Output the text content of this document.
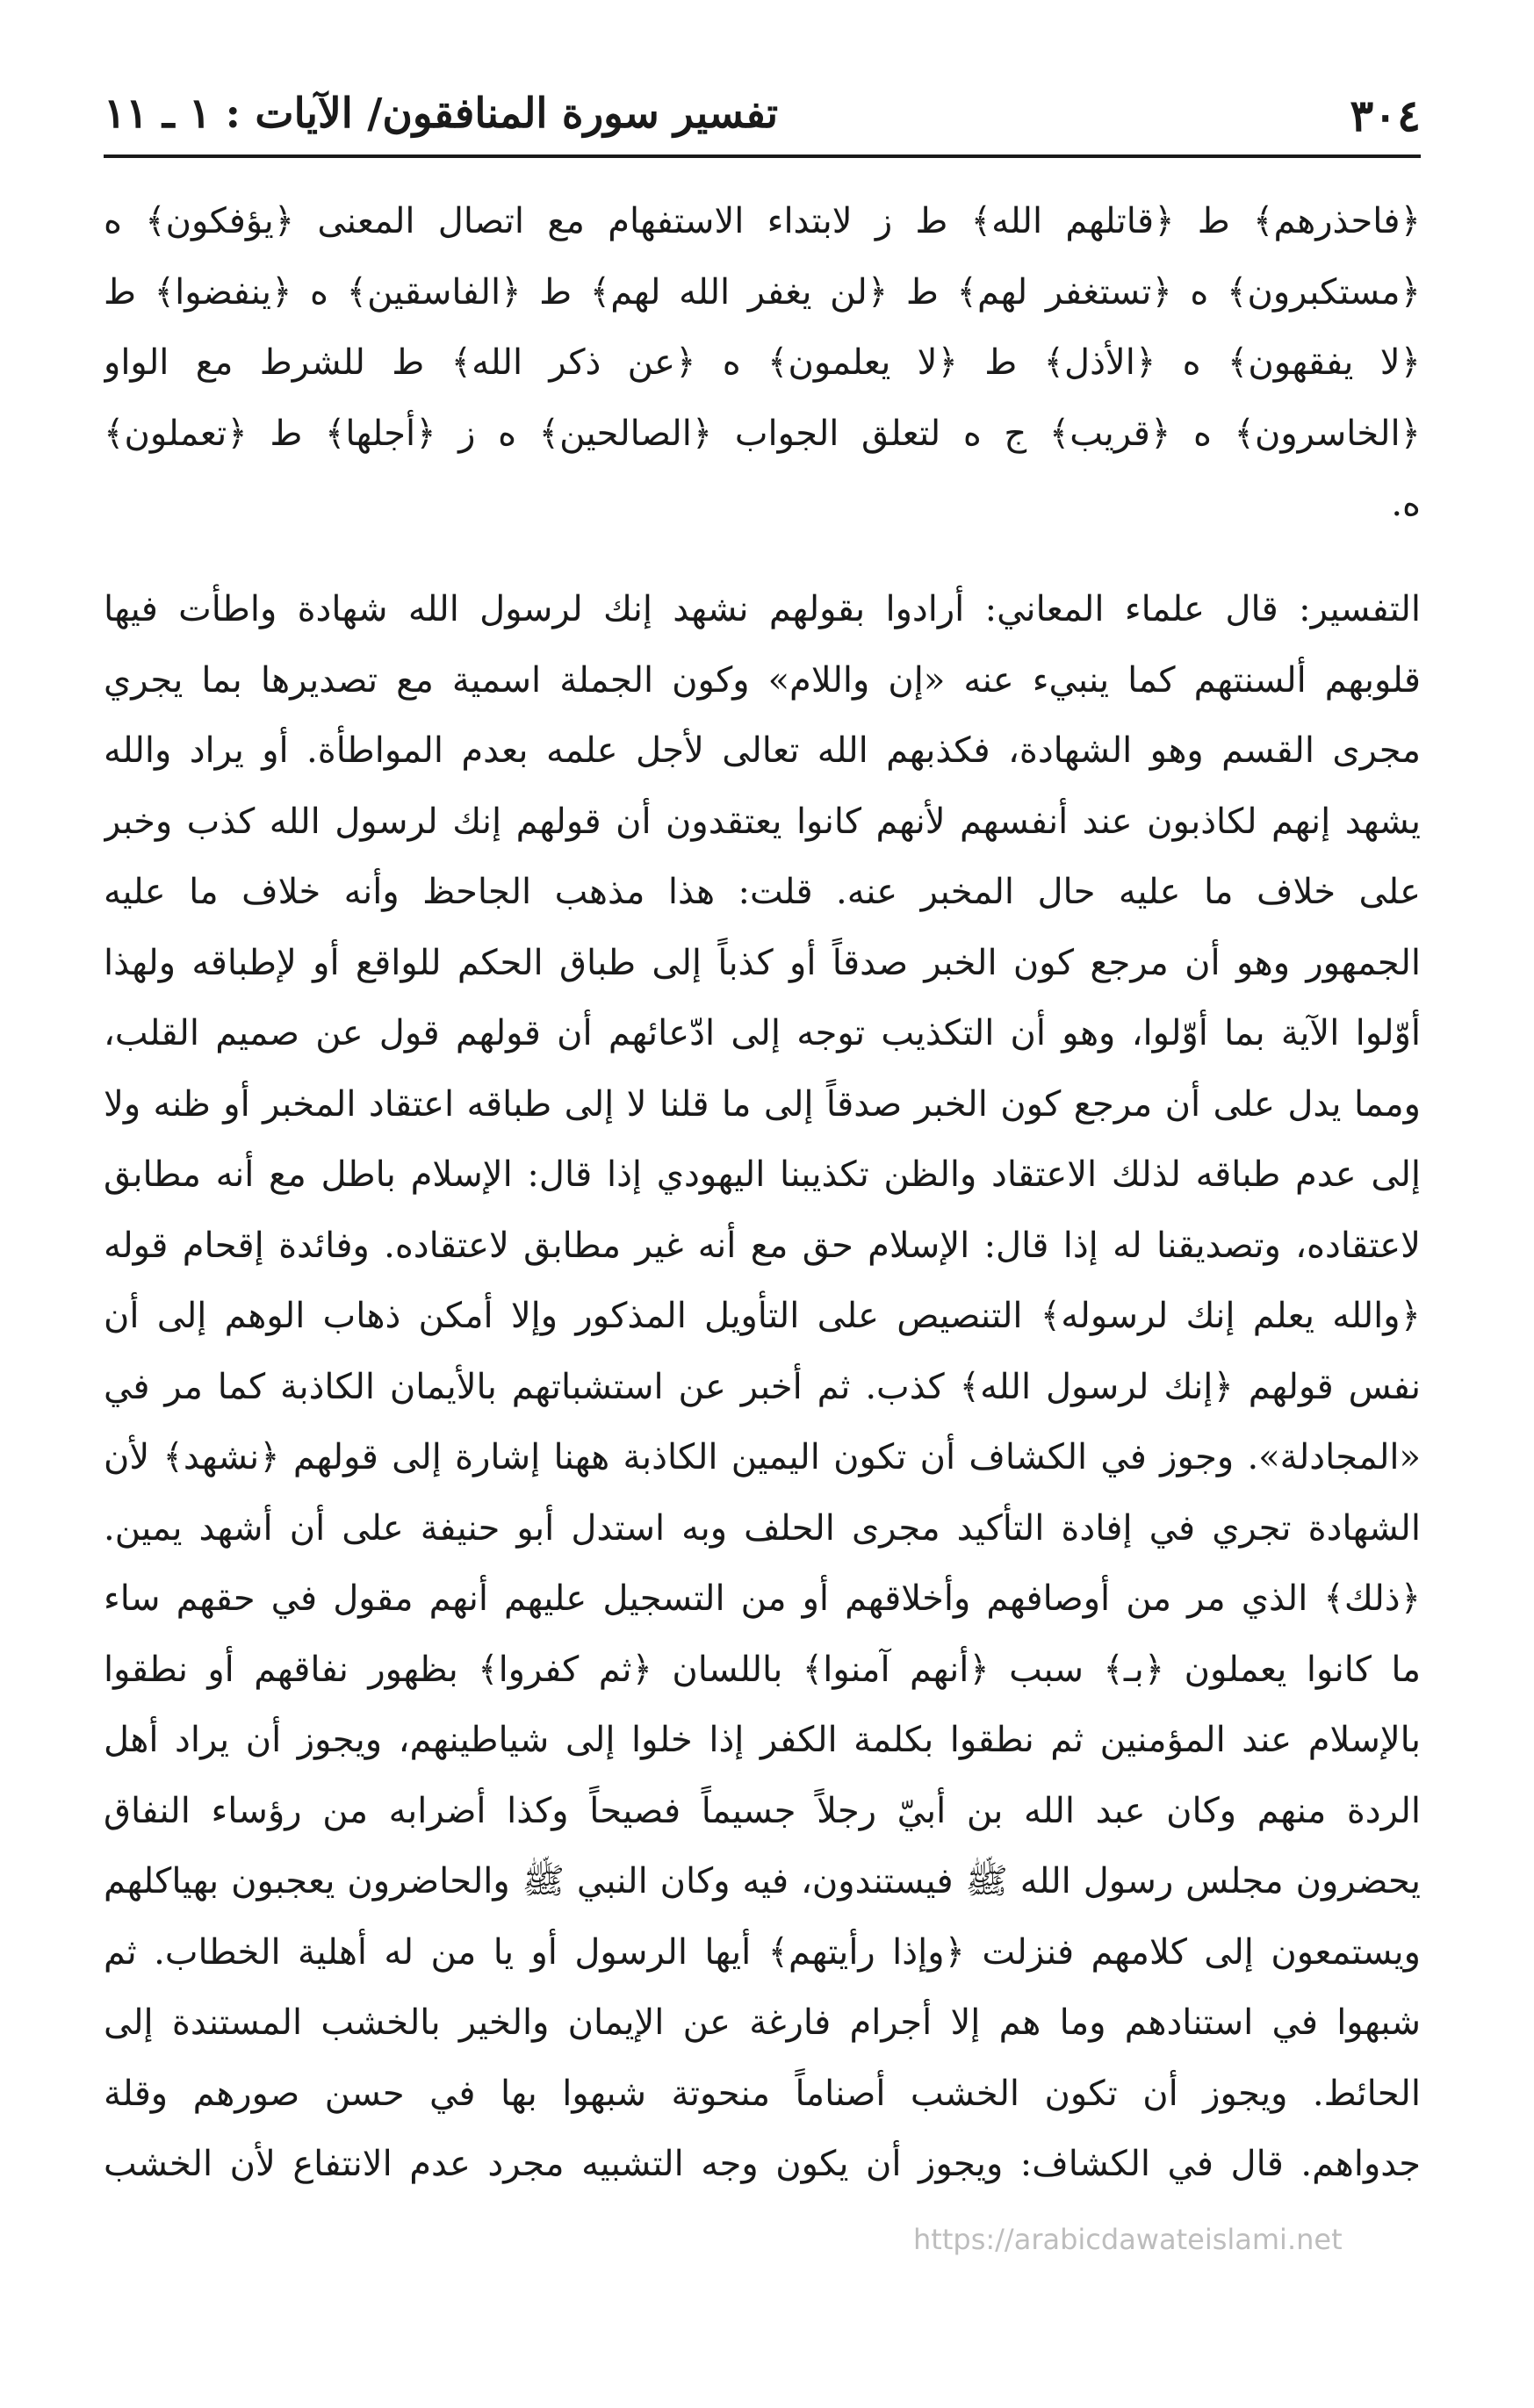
٣٠٤
تفسير سورة المنافقون/ الآيات : ١ ـ ١١
﴿فاحذرهم﴾ ط ﴿قاتلهم الله﴾ ط ز لابتداء الاستفهام مع اتصال المعنى ﴿يؤفكون﴾ ه
﴿مستكبرون﴾ ه ﴿تستغفر لهم﴾ ط ﴿لن يغفر الله لهم﴾ ط ﴿الفاسقين﴾ ه ﴿ينفضوا﴾ ط
﴿لا يفقهون﴾ ه ﴿الأذل﴾ ط ﴿لا يعلمون﴾ ه ﴿عن ذكر الله﴾ ط للشرط مع الواو
﴿الخاسرون﴾ ه ﴿قريب﴾ ج ه لتعلق الجواب ﴿الصالحين﴾ ه ز ﴿أجلها﴾ ط ﴿تعملون﴾
ه.
التفسير: قال علماء المعاني: أرادوا بقولهم نشهد إنك لرسول الله شهادة واطأت فيها
قلوبهم ألسنتهم كما ينبيء عنه «إن واللام» وكون الجملة اسمية مع تصديرها بما يجري
مجرى القسم وهو الشهادة، فكذبهم الله تعالى لأجل علمه بعدم المواطأة. أو يراد والله
يشهد إنهم لكاذبون عند أنفسهم لأنهم كانوا يعتقدون أن قولهم إنك لرسول الله كذب وخبر
على خلاف ما عليه حال المخبر عنه. قلت: هذا مذهب الجاحظ وأنه خلاف ما عليه
الجمهور وهو أن مرجع كون الخبر صدقاً أو كذباً إلى طباق الحكم للواقع أو لإطباقه ولهذا
أوّلوا الآية بما أوّلوا، وهو أن التكذيب توجه إلى ادّعائهم أن قولهم قول عن صميم القلب،
ومما يدل على أن مرجع كون الخبر صدقاً إلى ما قلنا لا إلى طباقه اعتقاد المخبر أو ظنه ولا
إلى عدم طباقه لذلك الاعتقاد والظن تكذيبنا اليهودي إذا قال: الإسلام باطل مع أنه مطابق
لاعتقاده، وتصديقنا له إذا قال: الإسلام حق مع أنه غير مطابق لاعتقاده. وفائدة إقحام قوله
﴿والله يعلم إنك لرسوله﴾ التنصيص على التأويل المذكور وإلا أمكن ذهاب الوهم إلى أن
نفس قولهم ﴿إنك لرسول الله﴾ كذب. ثم أخبر عن استشباتهم بالأيمان الكاذبة كما مر في
«المجادلة». وجوز في الكشاف أن تكون اليمين الكاذبة ههنا إشارة إلى قولهم ﴿نشهد﴾ لأن
الشهادة تجري في إفادة التأكيد مجرى الحلف وبه استدل أبو حنيفة على أن أشهد يمين.
﴿ذلك﴾ الذي مر من أوصافهم وأخلاقهم أو من التسجيل عليهم أنهم مقول في حقهم ساء
ما كانوا يعملون ﴿بـ﴾ سبب ﴿أنهم آمنوا﴾ باللسان ﴿ثم كفروا﴾ بظهور نفاقهم أو نطقوا
بالإسلام عند المؤمنين ثم نطقوا بكلمة الكفر إذا خلوا إلى شياطينهم، ويجوز أن يراد أهل
الردة منهم وكان عبد الله بن أبيّ رجلاً جسيماً فصيحاً وكذا أضرابه من رؤساء النفاق
يحضرون مجلس رسول الله ﷺ فيستندون، فيه وكان النبي ﷺ والحاضرون يعجبون بهياكلهم
ويستمعون إلى كلامهم فنزلت ﴿وإذا رأيتهم﴾ أيها الرسول أو يا من له أهلية الخطاب. ثم
شبهوا في استنادهم وما هم إلا أجرام فارغة عن الإيمان والخير بالخشب المستندة إلى
الحائط. ويجوز أن تكون الخشب أصناماً منحوتة شبهوا بها في حسن صورهم وقلة
جدواهم. قال في الكشاف: ويجوز أن يكون وجه التشبيه مجرد عدم الانتفاع لأن الخشب
https://arabicdawateislami.net
